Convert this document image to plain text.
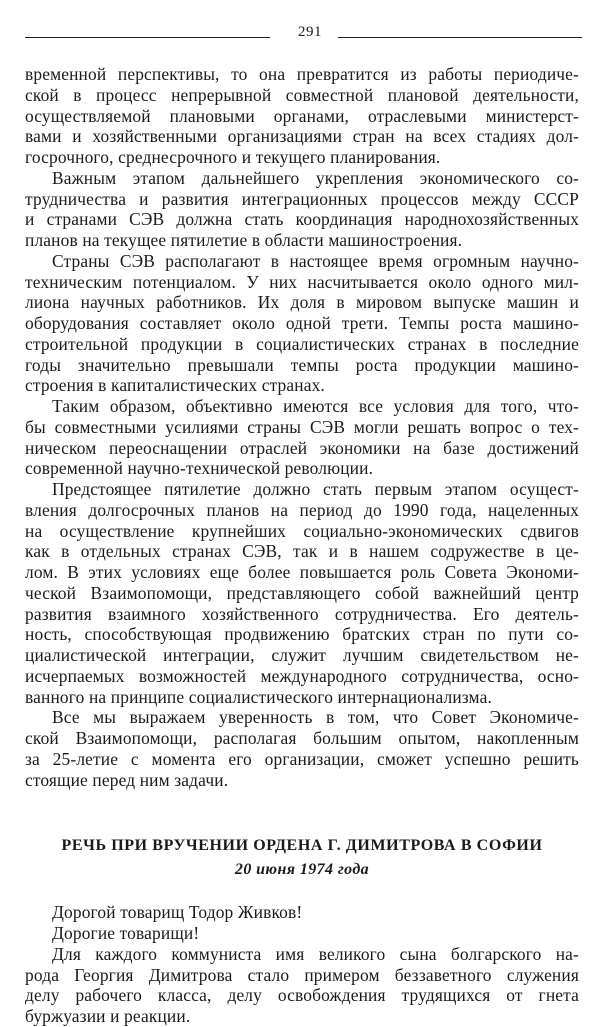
291
временной перспективы, то она превратится из работы периодиче-
ской в процесс непрерывной совместной плановой деятельности,
осуществляемой плановыми органами, отраслевыми министерст-
вами и хозяйственными организациями стран на всех стадиях дол-
госрочного, среднесрочного и текущего планирования.
Важным этапом дальнейшего укрепления экономического со-
трудничества и развития интеграционных процессов между СССР
и странами СЭВ должна стать координация народнохозяйственных
планов на текущее пятилетие в области машиностроения.
Страны СЭВ располагают в настоящее время огромным научно-
техническим потенциалом. У них насчитывается около одного мил-
лиона научных работников. Их доля в мировом выпуске машин и
оборудования составляет около одной трети. Темпы роста машино-
строительной продукции в социалистических странах в последние
годы значительно превышали темпы роста продукции машино-
строения в капиталистических странах.
Таким образом, объективно имеются все условия для того, что-
бы совместными усилиями страны СЭВ могли решать вопрос о тех-
ническом переоснащении отраслей экономики на базе достижений
современной научно-технической революции.
Предстоящее пятилетие должно стать первым этапом осущест-
вления долгосрочных планов на период до 1990 года, нацеленных
на осуществление крупнейших социально-экономических сдвигов
как в отдельных странах СЭВ, так и в нашем содружестве в це-
лом. В этих условиях еще более повышается роль Совета Экономи-
ческой Взаимопомощи, представляющего собой важнейший центр
развития взаимного хозяйственного сотрудничества. Его деятель-
ность, способствующая продвижению братских стран по пути со-
циалистической интеграции, служит лучшим свидетельством не-
исчерпаемых возможностей международного сотрудничества, осно-
ванного на принципе социалистического интернационализма.
Все мы выражаем уверенность в том, что Совет Экономиче-
ской Взаимопомощи, располагая большим опытом, накопленным
за 25-летие с момента его организации, сможет успешно решить
стоящие перед ним задачи.
РЕЧЬ ПРИ ВРУЧЕНИИ ОРДЕНА Г. ДИМИТРОВА В СОФИИ
20 июня 1974 года
Дорогой товарищ Тодор Живков!
Дорогие товарищи!
Для каждого коммуниста имя великого сына болгарского на-
рода Георгия Димитрова стало примером беззаветного служения
делу рабочего класса, делу освобождения трудящихся от гнета
буржуазии и реакции.
